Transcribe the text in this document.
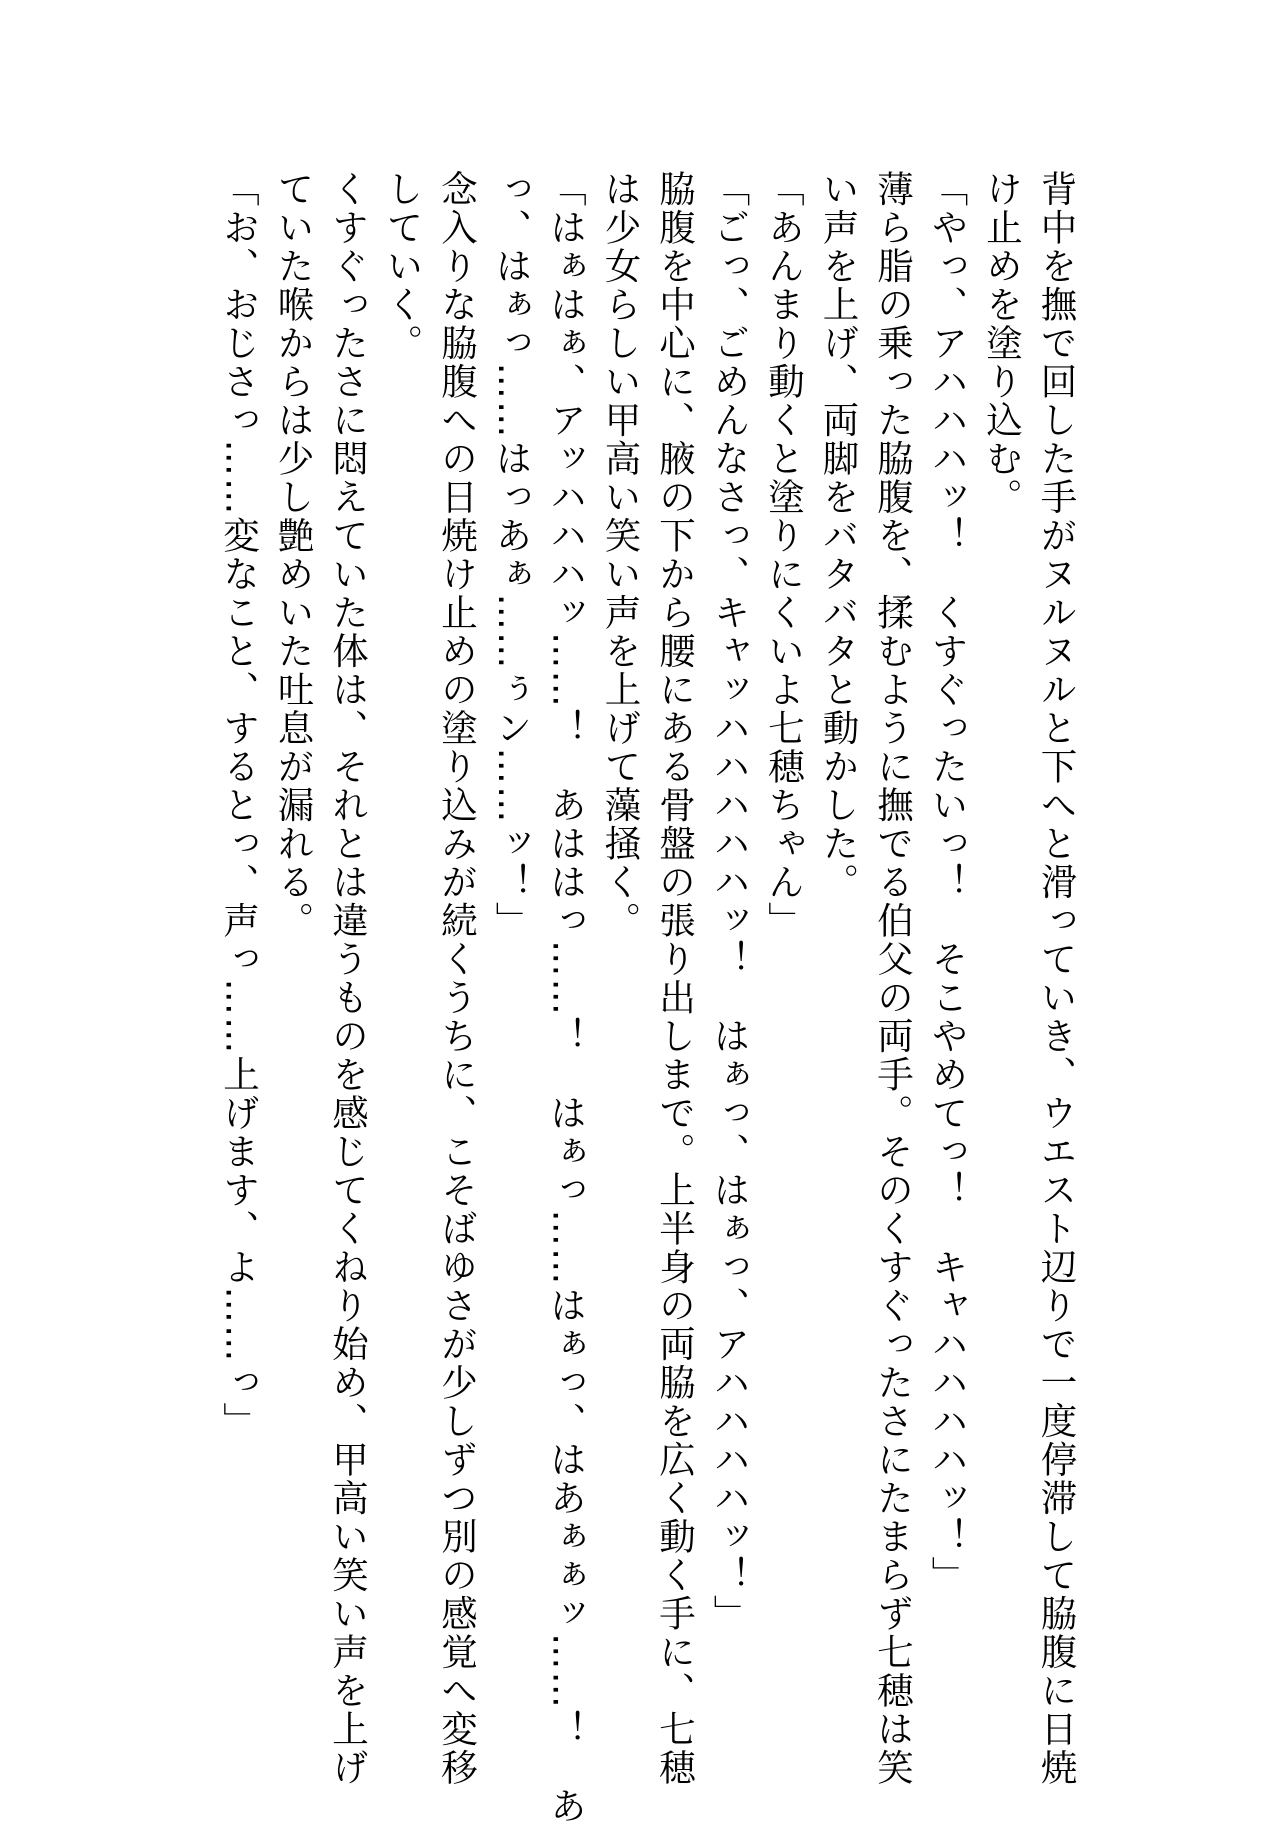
背中を撫で回した手がヌルヌルと下へと滑っていき、ウエスト辺りで一度停滞して脇腹に日焼

け止めを塗り込む。

「やっ、アハハハッ！　くすぐったいっ！　そこやめてっ！　キャハハハハッ！」

薄ら脂の乗った脇腹を、揉むように撫でる伯父の両手。そのくすぐったさにたまらず七穂は笑

い声を上げ、両脚をバタバタと動かした。

「あんまり動くと塗りにくいよ七穂ちゃん」

「ごっ、ごめんなさっ、キャッハハハハハッ！　はぁっ、はぁっ、アハハハハッ！」

脇腹を中心に、腋の下から腰にある骨盤の張り出しまで。上半身の両脇を広く動く手に、七穂

は少女らしい甲高い笑い声を上げて藻掻く。

「はぁはぁ、アッハハハッ……！　あははっ……！　はぁっ……はぁっ、はあぁぁッ……！　あ

っ、はぁっ……はっあぁ……ぅン……ッ！」

念入りな脇腹への日焼け止めの塗り込みが続くうちに、こそばゆさが少しずつ別の感覚へ変移

していく。

くすぐったさに悶えていた体は、それとは違うものを感じてくねり始め、甲高い笑い声を上げ

ていた喉からは少し艶めいた吐息が漏れる。

「お、おじさっ……変なこと、するとっ、声っ……上げます、よ……っ」
